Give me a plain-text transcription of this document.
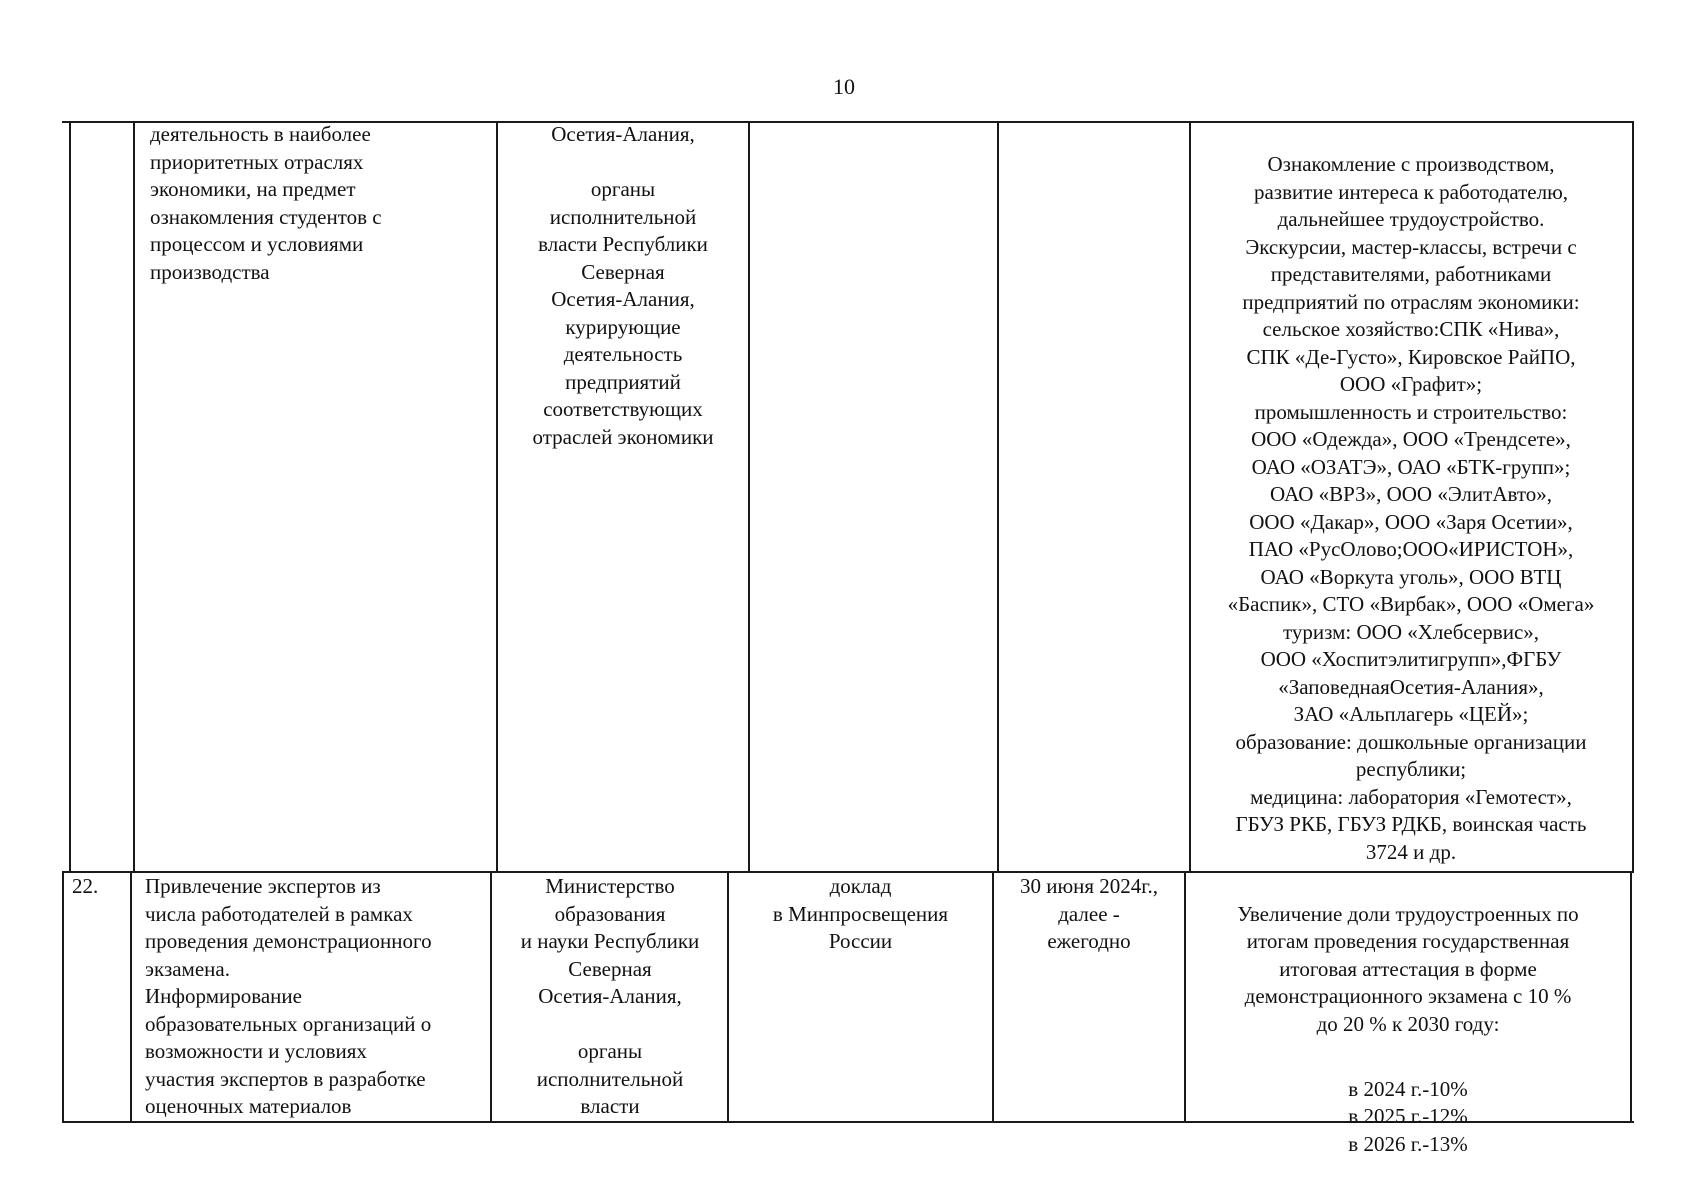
10
деятельность в наиболее
приоритетных отраслях
экономики, на предмет
ознакомления студентов с
процессом и условиями
производства
Осетия-Алания,

органы
исполнительной
власти Республики
Северная
Осетия-Алания,
курирующие
деятельность
предприятий
соответствующих
отраслей экономики
Ознакомление с производством,
развитие интереса к работодателю,
дальнейшее трудоустройство.
Экскурсии, мастер-классы, встречи с
представителями, работниками
предприятий по отраслям экономики:
сельское хозяйство:СПК «Нива»,
СПК «Де-Густо», Кировское РайПО,
ООО «Графит»;
промышленность и строительство:
ООО «Одежда», ООО «Трендсете»,
ОАО «ОЗАТЭ», ОАО «БТК-групп»;
ОАО «ВРЗ», ООО «ЭлитАвто»,
ООО «Дакар», ООО «Заря Осетии»,
ПАО «РусОлово;ООО«ИРИСТОН»,
ОАО «Воркута уголь», ООО ВТЦ
«Баспик», СТО «Вирбак», ООО «Омега»
туризм: ООО «Хлебсервис»,
ООО «Хоспитэлитигрупп»,ФГБУ
«ЗаповеднаяОсетия-Алания»,
ЗАО «Альплагерь «ЦЕЙ»;
образование: дошкольные организации
республики;
медицина: лаборатория «Гемотест»,
ГБУЗ РКБ, ГБУЗ РДКБ, воинская часть
3724 и др.
22.	Привлечение экспертов из
числа работодателей в рамках
проведения демонстрационного
экзамена.
Информирование
образовательных организаций о
возможности и условиях
участия экспертов в разработке
оценочных материалов
Министерство
образования
и науки Республики
Северная
Осетия-Алания,

органы
исполнительной
власти
доклад
в Минпросвещения
России
30 июня 2024г.,
далее -
ежегодно

Увеличение доли трудоустроенных по
итогам проведения государственная
итоговая аттестация в форме
демонстрационного экзамена с 10 %
до 20 % к 2030 году:

в 2024 г.-10%
в 2025 г.-12%
в 2026 г.-13%
